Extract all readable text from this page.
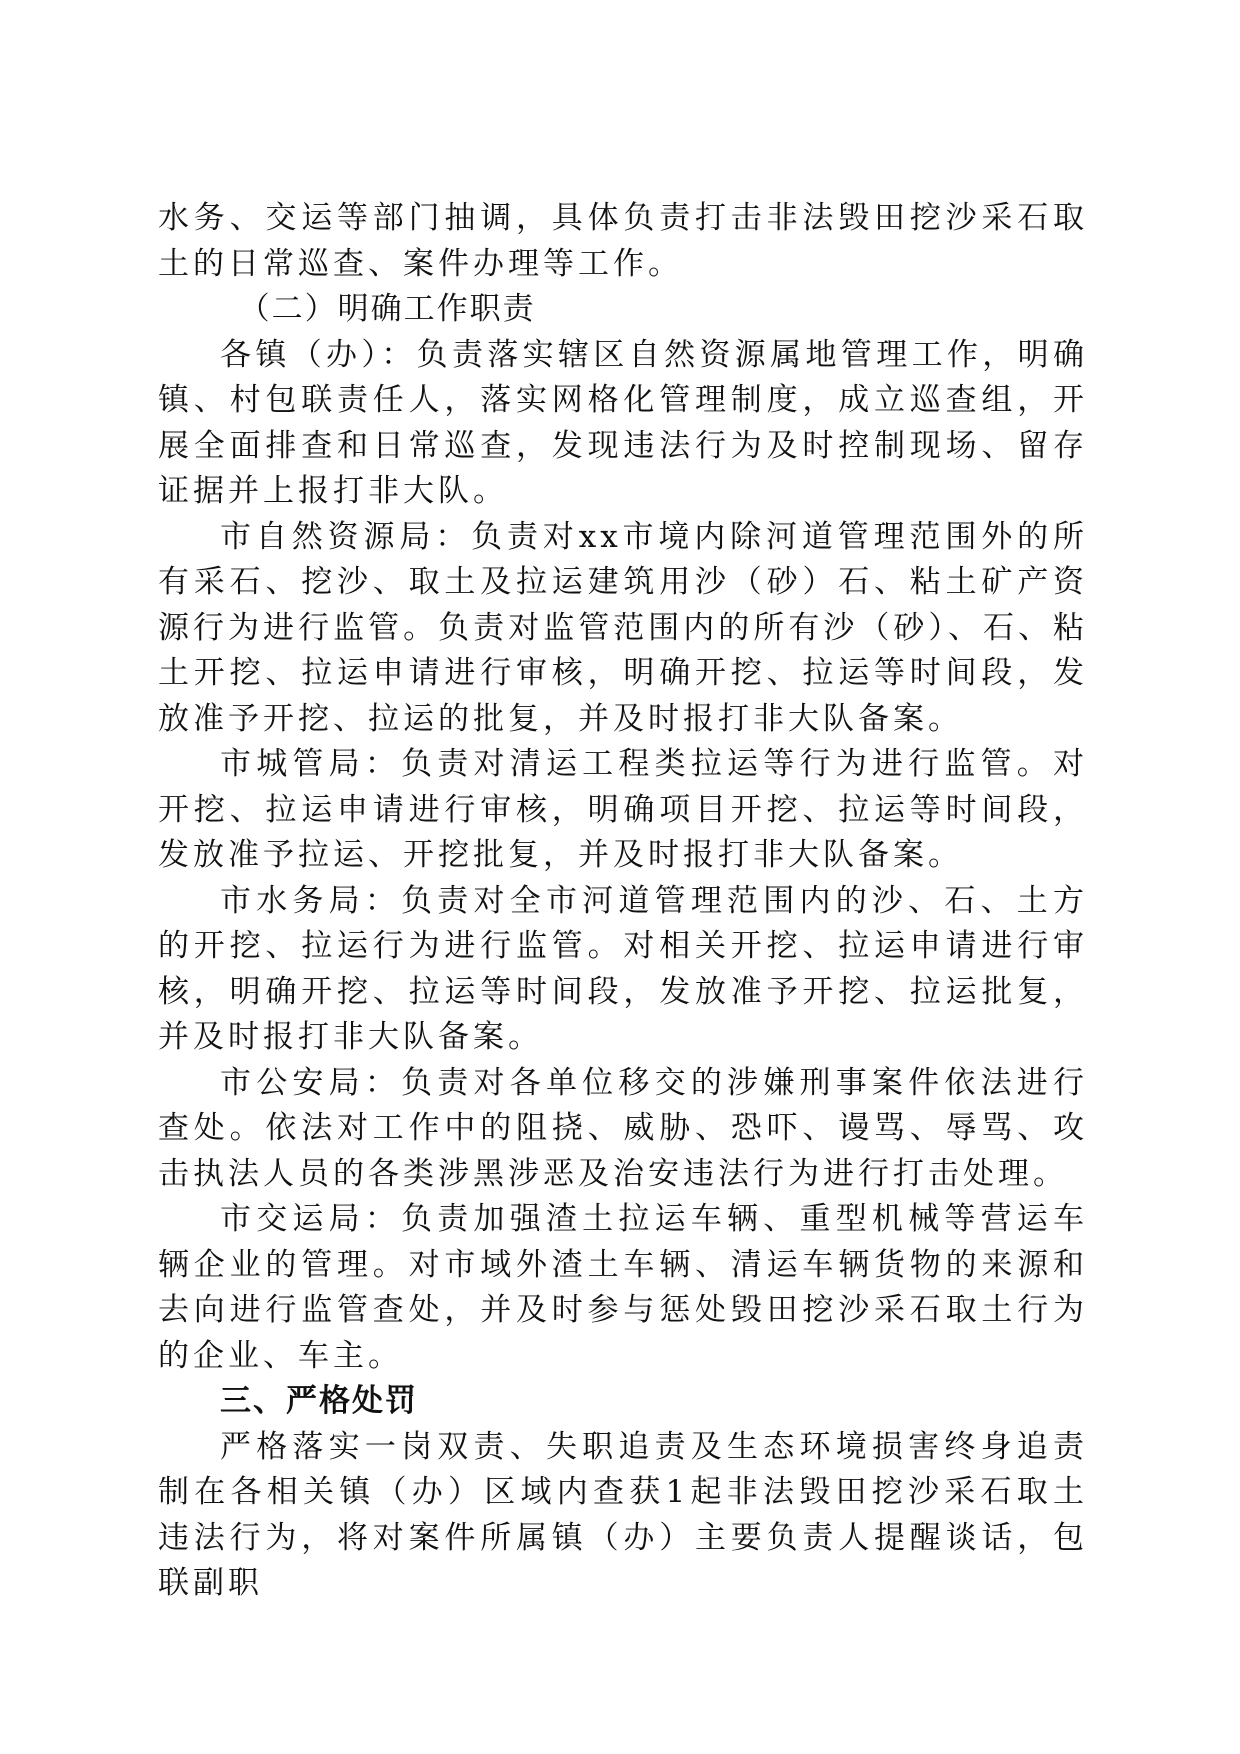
水务、交运等部门抽调，具体负责打击非法毁田挖沙采石取土的日常巡查、案件办理等工作。

（二）明确工作职责

各镇（办）：负责落实辖区自然资源属地管理工作，明确镇、村包联责任人，落实网格化管理制度，成立巡查组，开展全面排查和日常巡查，发现违法行为及时控制现场、留存证据并上报打非大队。

市自然资源局：负责对xx市境内除河道管理范围外的所有采石、挖沙、取土及拉运建筑用沙（砂）石、粘土矿产资源行为进行监管。负责对监管范围内的所有沙（砂）、石、粘土开挖、拉运申请进行审核，明确开挖、拉运等时间段，发放准予开挖、拉运的批复，并及时报打非大队备案。

市城管局：负责对清运工程类拉运等行为进行监管。对开挖、拉运申请进行审核，明确项目开挖、拉运等时间段，发放准予拉运、开挖批复，并及时报打非大队备案。

市水务局：负责对全市河道管理范围内的沙、石、土方的开挖、拉运行为进行监管。对相关开挖、拉运申请进行审核，明确开挖、拉运等时间段，发放准予开挖、拉运批复，并及时报打非大队备案。

市公安局：负责对各单位移交的涉嫌刑事案件依法进行查处。依法对工作中的阻挠、威胁、恐吓、谩骂、辱骂、攻击执法人员的各类涉黑涉恶及治安违法行为进行打击处理。

市交运局：负责加强渣土拉运车辆、重型机械等营运车辆企业的管理。对市域外渣土车辆、清运车辆货物的来源和去向进行监管查处，并及时参与惩处毁田挖沙采石取土行为的企业、车主。

三、严格处罚

严格落实一岗双责、失职追责及生态环境损害终身追责制在各相关镇（办）区域内查获1起非法毁田挖沙采石取土违法行为，将对案件所属镇（办）主要负责人提醒谈话，包联副职
